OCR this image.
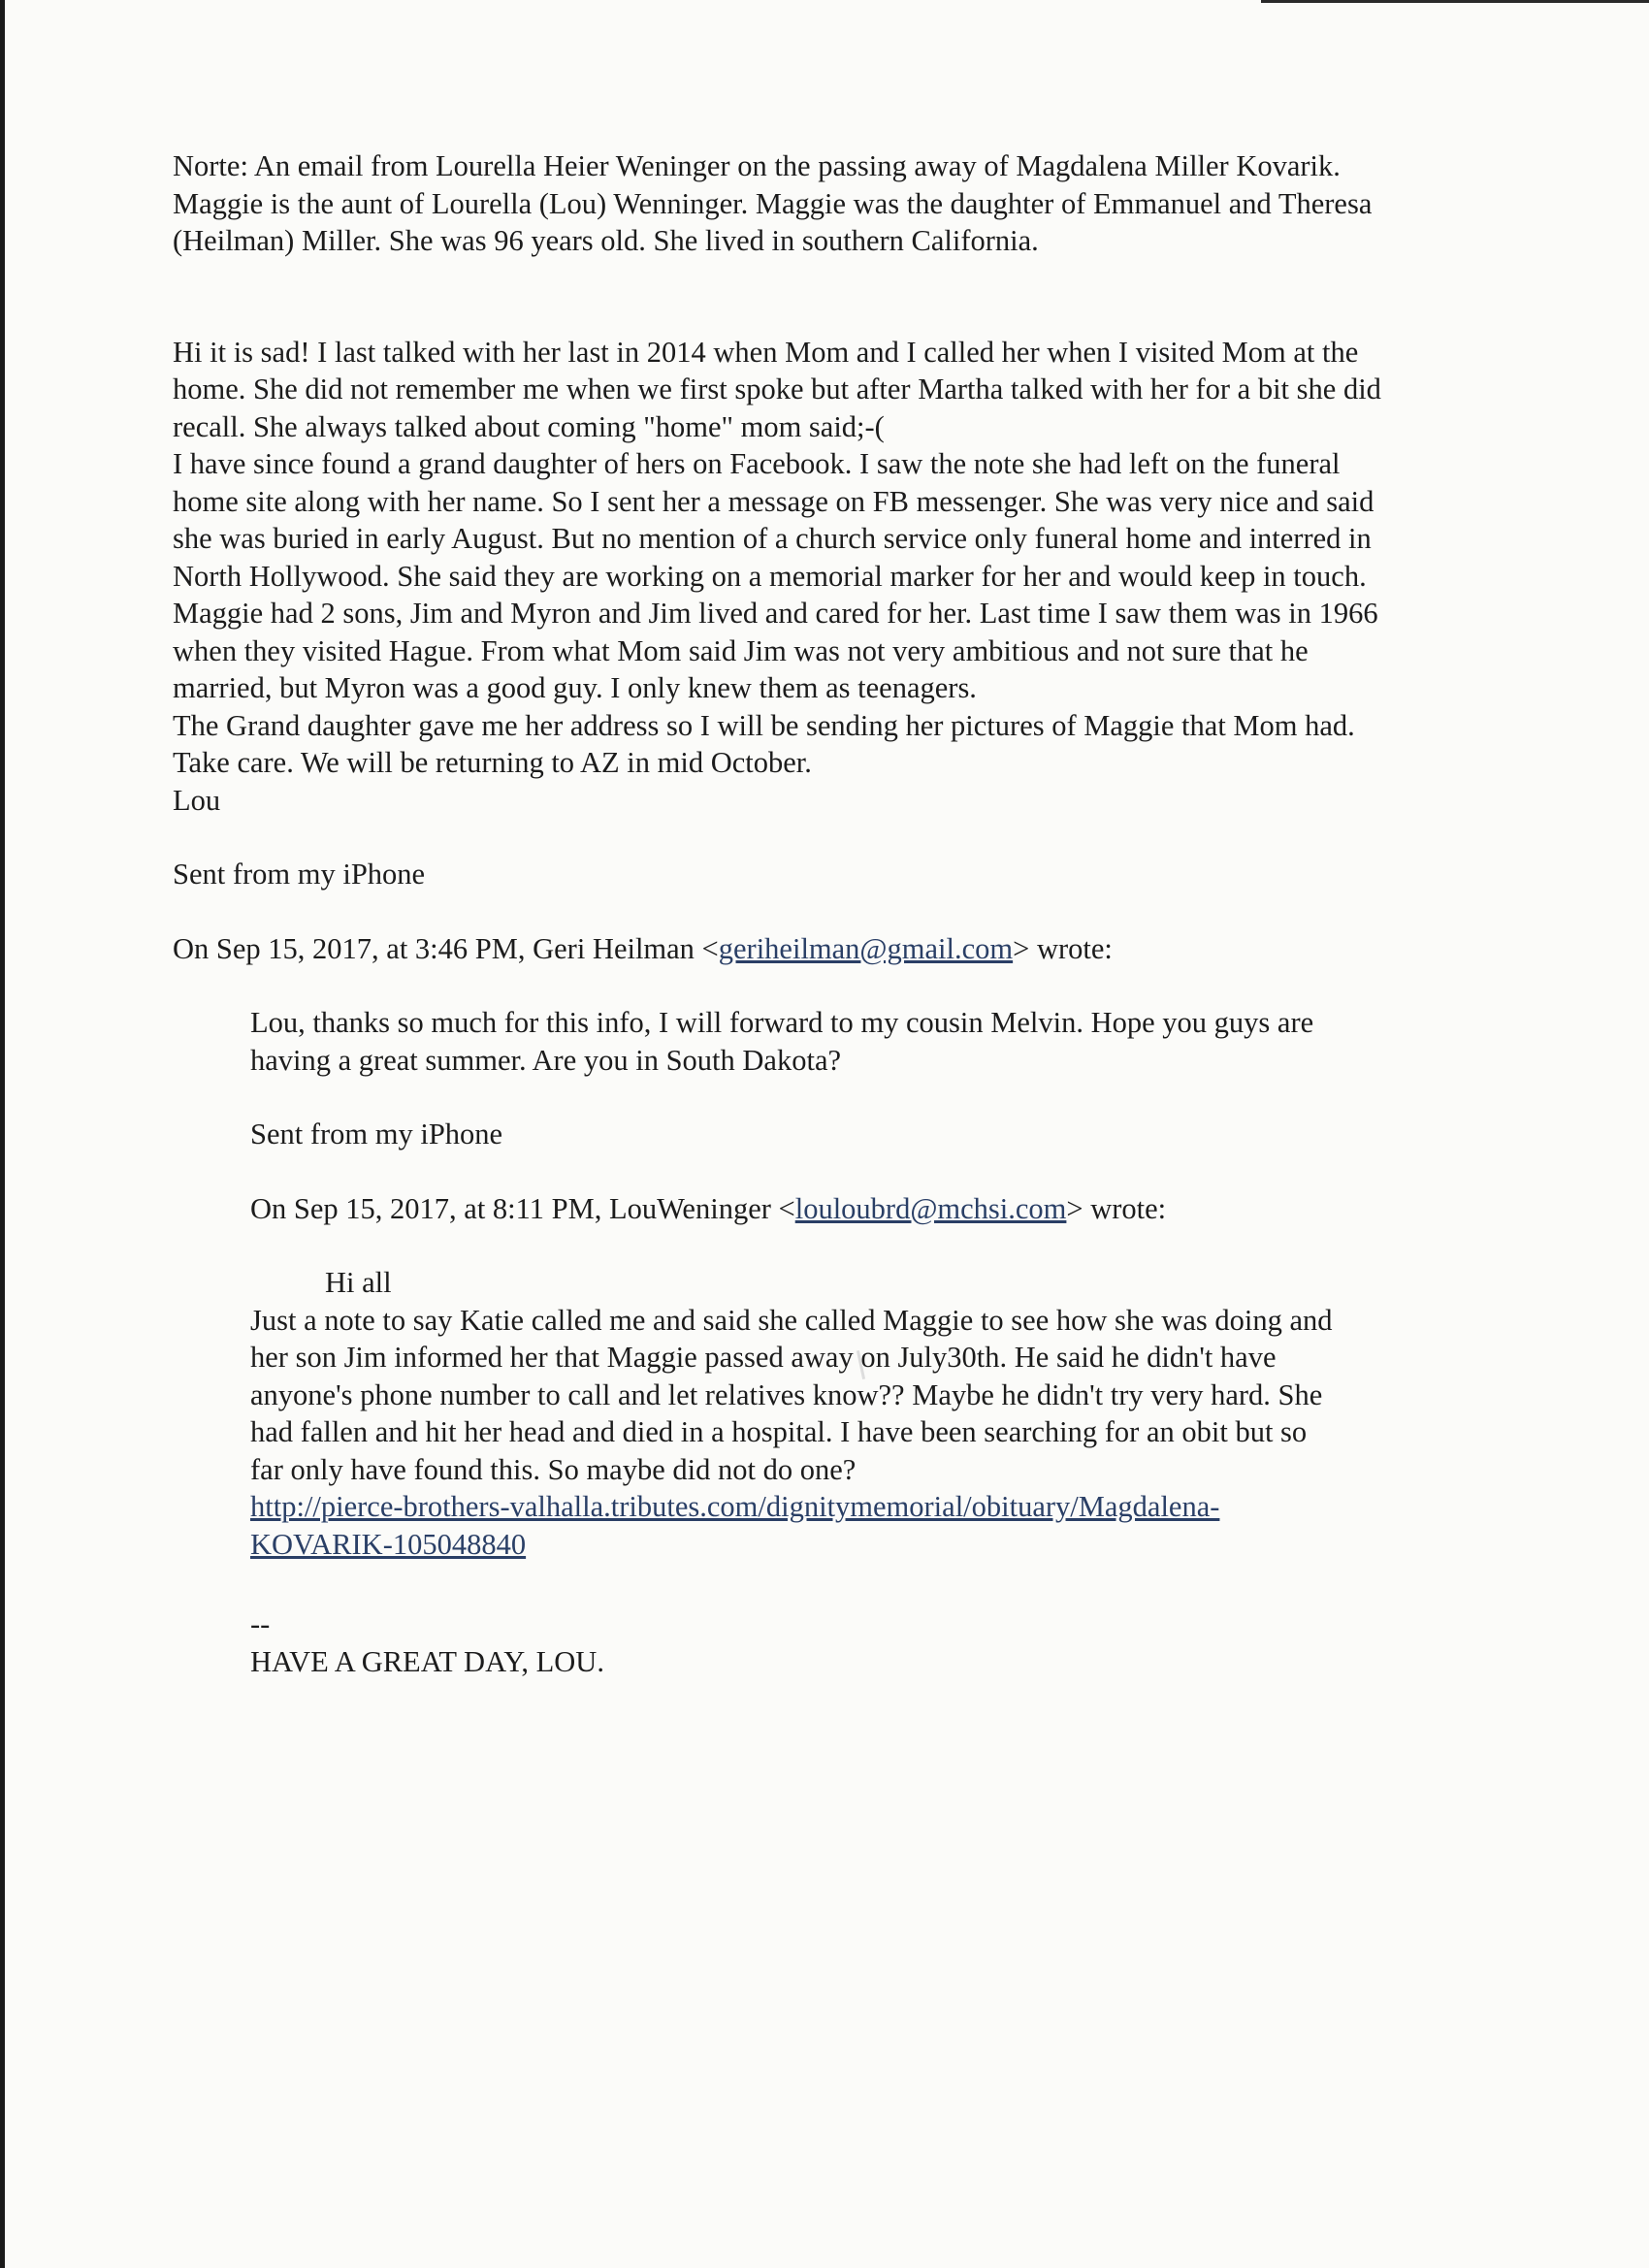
Norte: An email from Lourella Heier Weninger on the passing away of Magdalena Miller Kovarik.
Maggie is the aunt of Lourella (Lou) Wenninger. Maggie was the daughter of Emmanuel and Theresa
(Heilman) Miller. She was 96 years old. She lived in southern California.

Hi it is sad! I last talked with her last in 2014 when Mom and I called her when I visited Mom at the
home. She did not remember me when we first spoke but after Martha talked with her for a bit she did
recall. She always talked about coming "home" mom said;-(
I have since found a grand daughter of hers on Facebook. I saw the note she had left on the funeral
home site along with her name. So I sent her a message on FB messenger. She was very nice and said
she was buried in early August. But no mention of a church service only funeral home and interred in
North Hollywood. She said they are working on a memorial marker for her and would keep in touch.
Maggie had 2 sons, Jim and Myron and Jim lived and cared for her. Last time I saw them was in 1966
when they visited Hague. From what Mom said Jim was not very ambitious and not sure that he
married, but Myron was a good guy. I only knew them as teenagers.
The Grand daughter gave me her address so I will be sending her pictures of Maggie that Mom had.
Take care. We will be returning to AZ in mid October.
Lou

Sent from my iPhone

On Sep 15, 2017, at 3:46 PM, Geri Heilman <geriheilman@gmail.com> wrote:

Lou, thanks so much for this info, I will forward to my cousin Melvin. Hope you guys are
having a great summer. Are you in South Dakota?

Sent from my iPhone

On Sep 15, 2017, at 8:11 PM, LouWeninger <louloubrd@mchsi.com> wrote:

Hi all
Just a note to say Katie called me and said she called Maggie to see how she was doing and
her son Jim informed her that Maggie passed away on July30th. He said he didn't have
anyone's phone number to call and let relatives know?? Maybe he didn't try very hard. She
had fallen and hit her head and died in a hospital. I have been searching for an obit but so
far only have found this. So maybe did not do one?
http://pierce-brothers-valhalla.tributes.com/dignitymemorial/obituary/Magdalena-
KOVARIK-105048840

--
HAVE A GREAT DAY, LOU.
